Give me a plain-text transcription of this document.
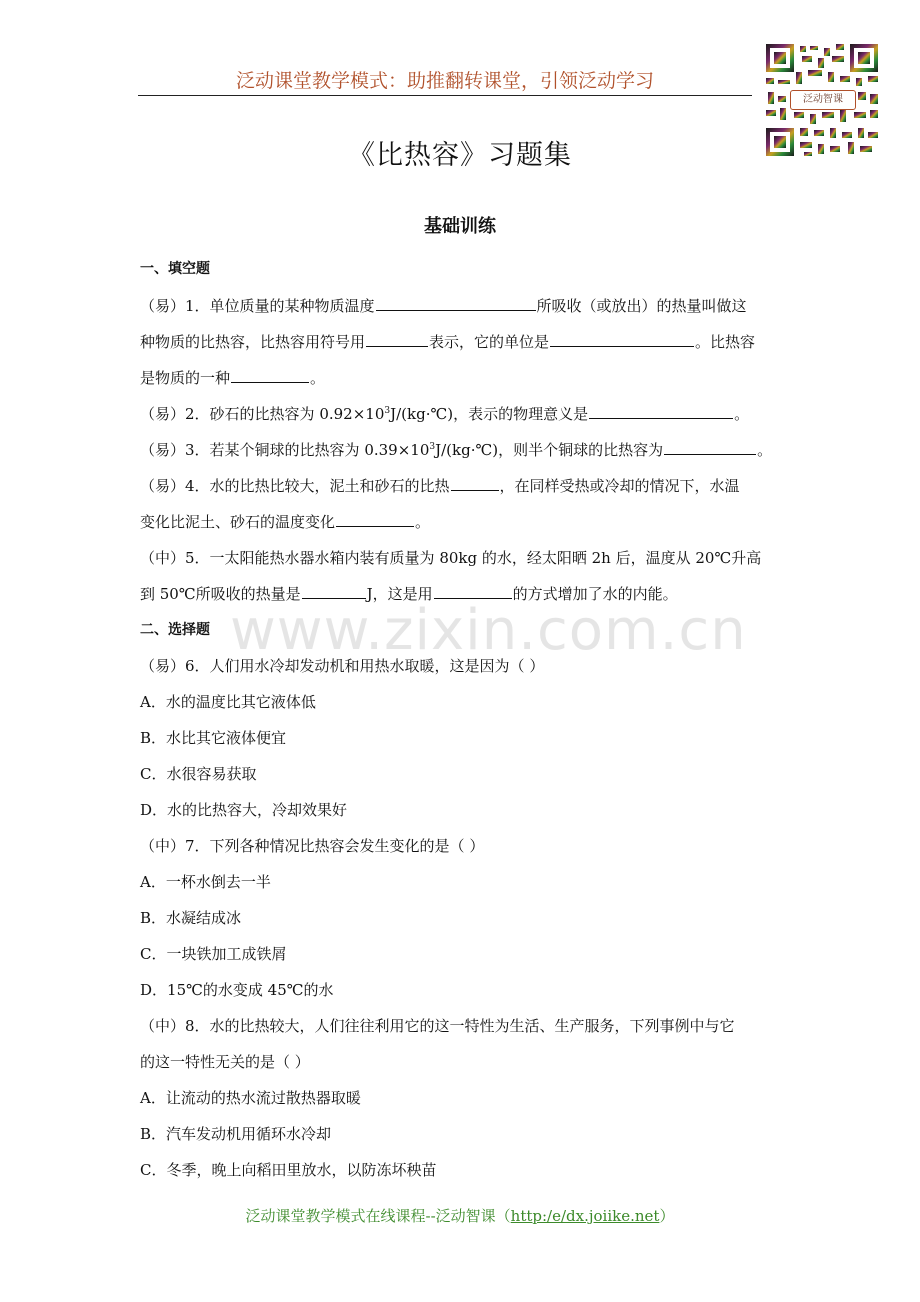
泛动课堂教学模式：助推翻转课堂，引领泛动学习
泛动智课
《比热容》习题集
基础训练
一、填空题
（易）1．单位质量的某种物质温度	所吸收（或放出）的热量叫做这
种物质的比热容，比热容用符号用	表示，它的单位是	。比热容
是物质的一种	。
（易）2．砂石的比热容为 $0.92\times 10^3J/(kg\cdot℃)$，表示的物理意义是	。
（易）3．若某个铜球的比热容为 $0.39\times 10^3J/(kg\cdot℃)$，则半个铜球的比热容为	。
（易）4．水的比热比较大，泥土和砂石的比热	，在同样受热或冷却的情况下，水温
变化比泥土、砂石的温度变化	。
（中）5．一太阳能热水器水箱内装有质量为 80kg 的水，经太阳晒 2h 后，温度从 20℃升高
到 50℃所吸收的热量是	J，这是用	的方式增加了水的内能。
www.zixin.com.cn
二、选择题
（易）6．人们用水冷却发动机和用热水取暖，这是因为（ ）
A．水的温度比其它液体低
B．水比其它液体便宜
C．水很容易获取
D．水的比热容大，冷却效果好
（中）7．下列各种情况比热容会发生变化的是（ ）
A．一杯水倒去一半
B．水凝结成冰
C．一块铁加工成铁屑
D．15℃的水变成 45℃的水
（中）8．水的比热较大，人们往往利用它的这一特性为生活、生产服务，下列事例中与它
的这一特性无关的是（ ）
A．让流动的热水流过散热器取暖
B．汽车发动机用循环水冷却
C．冬季，晚上向稻田里放水，以防冻坏秧苗
泛动课堂教学模式在线课程--泛动智课（http:/e/dx.joiike.net）
